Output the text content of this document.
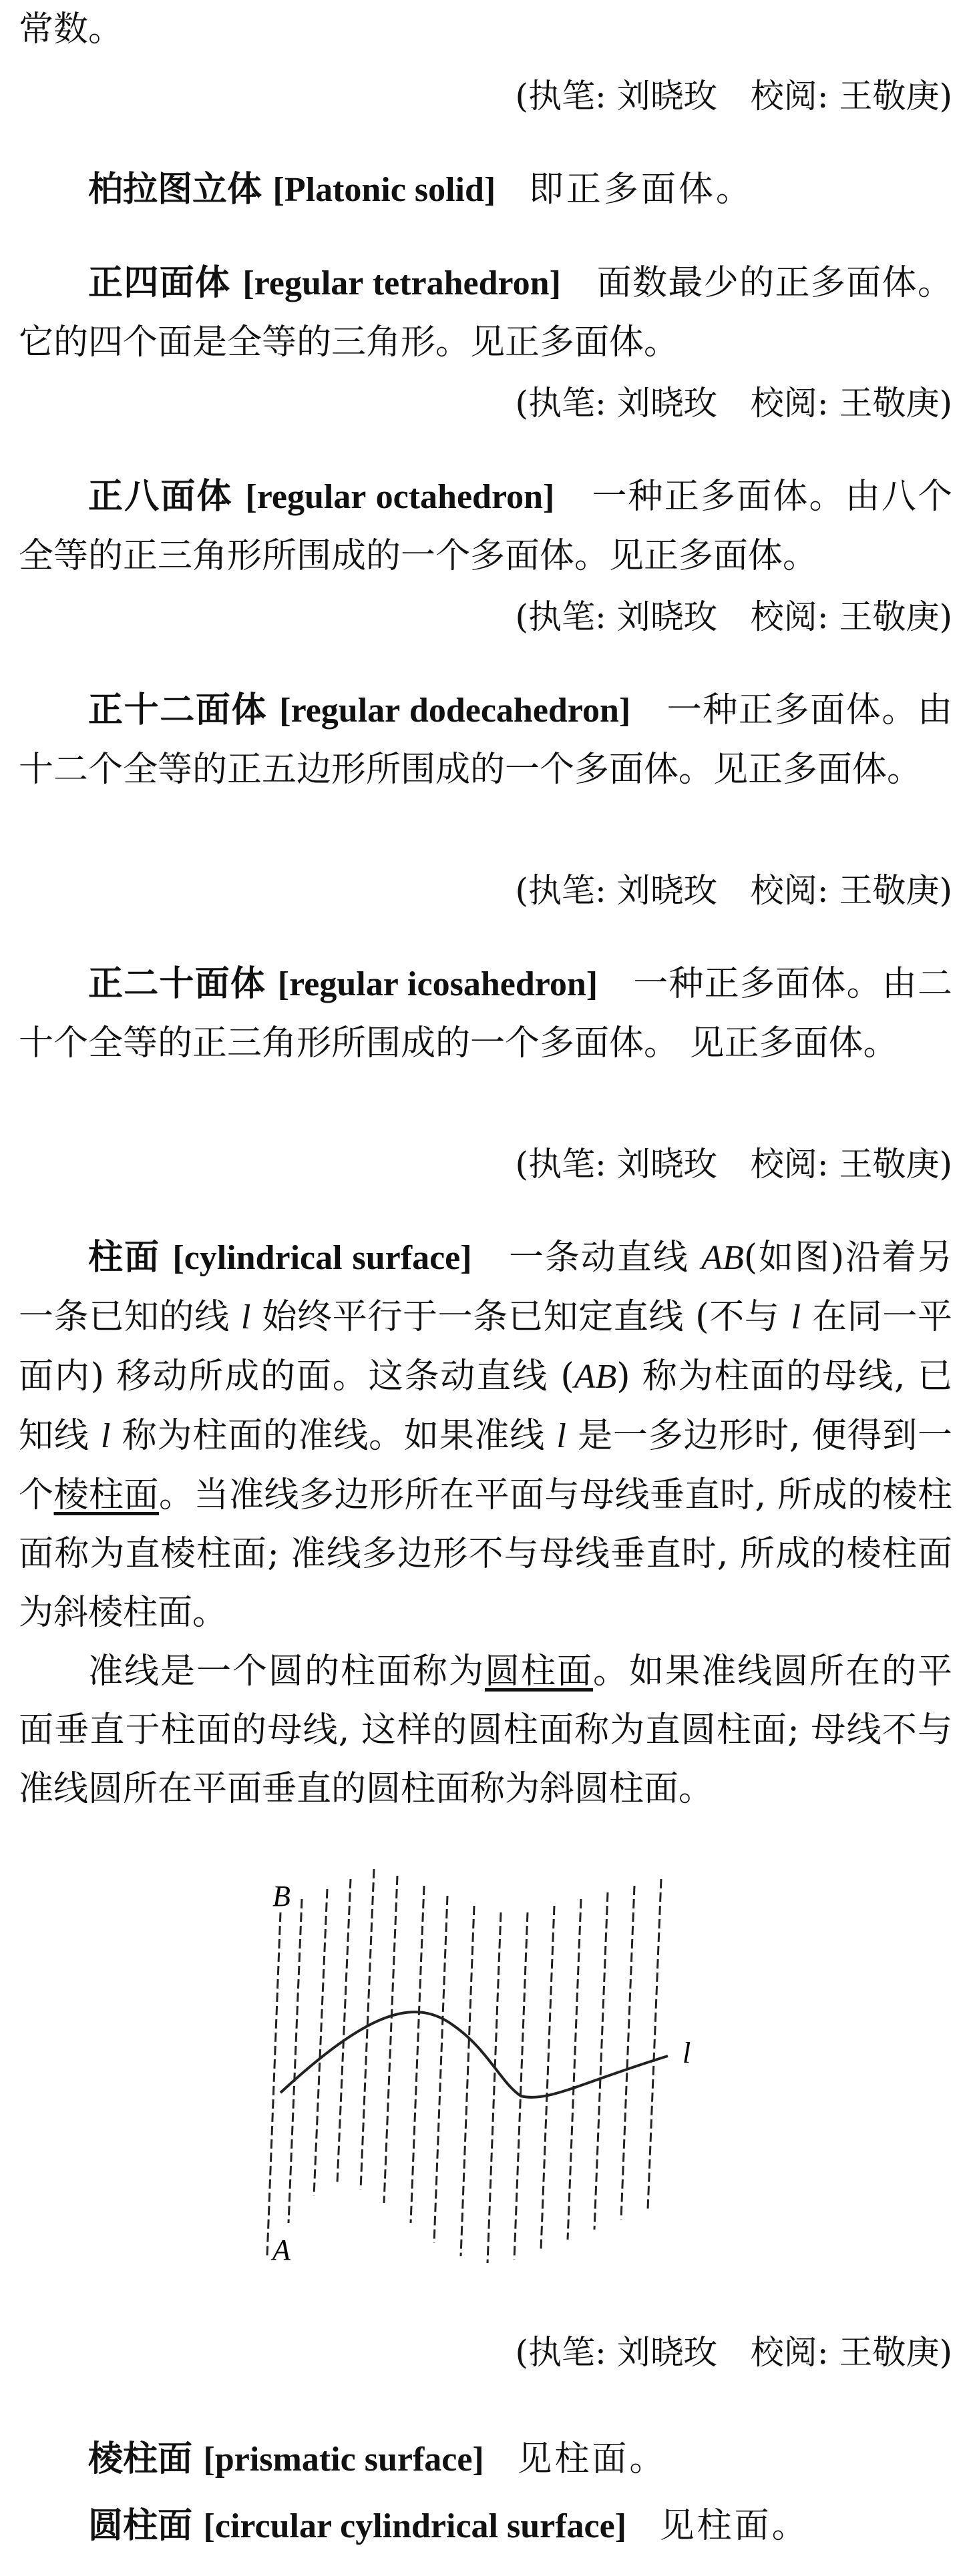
常数。

(执笔: 刘晓玫　校阅: 王敬庚)

柏拉图立体 [Platonic solid] 即正多面体。

正四面体 [regular tetrahedron] 面数最少的正多面体。它的四个面是全等的三角形。见正多面体。

(执笔: 刘晓玫　校阅: 王敬庚)

正八面体 [regular octahedron] 一种正多面体。由八个全等的正三角形所围成的一个多面体。见正多面体。

(执笔: 刘晓玫　校阅: 王敬庚)

正十二面体 [regular dodecahedron] 一种正多面体。由十二个全等的正五边形所围成的一个多面体。见正多面体。

(执笔: 刘晓玫　校阅: 王敬庚)

正二十面体 [regular icosahedron] 一种正多面体。由二十个全等的正三角形所围成的一个多面体。 见正多面体。

(执笔: 刘晓玫　校阅: 王敬庚)

柱面 [cylindrical surface] 一条动直线 AB(如图)沿着另一条已知的线 l 始终平行于一条已知定直线 (不与 l 在同一平面内) 移动所成的面。这条动直线 (AB) 称为柱面的母线, 已知线 l 称为柱面的准线。如果准线 l 是一多边形时, 便得到一个棱柱面。当准线多边形所在平面与母线垂直时, 所成的棱柱面称为直棱柱面; 准线多边形不与母线垂直时, 所成的棱柱面为斜棱柱面。

准线是一个圆的柱面称为圆柱面。如果准线圆所在的平面垂直于柱面的母线, 这样的圆柱面称为直圆柱面; 母线不与准线圆所在平面垂直的圆柱面称为斜圆柱面。

B
A
l
(执笔: 刘晓玫　校阅: 王敬庚)

棱柱面 [prismatic surface] 见柱面。

圆柱面 [circular cylindrical surface] 见柱面。
